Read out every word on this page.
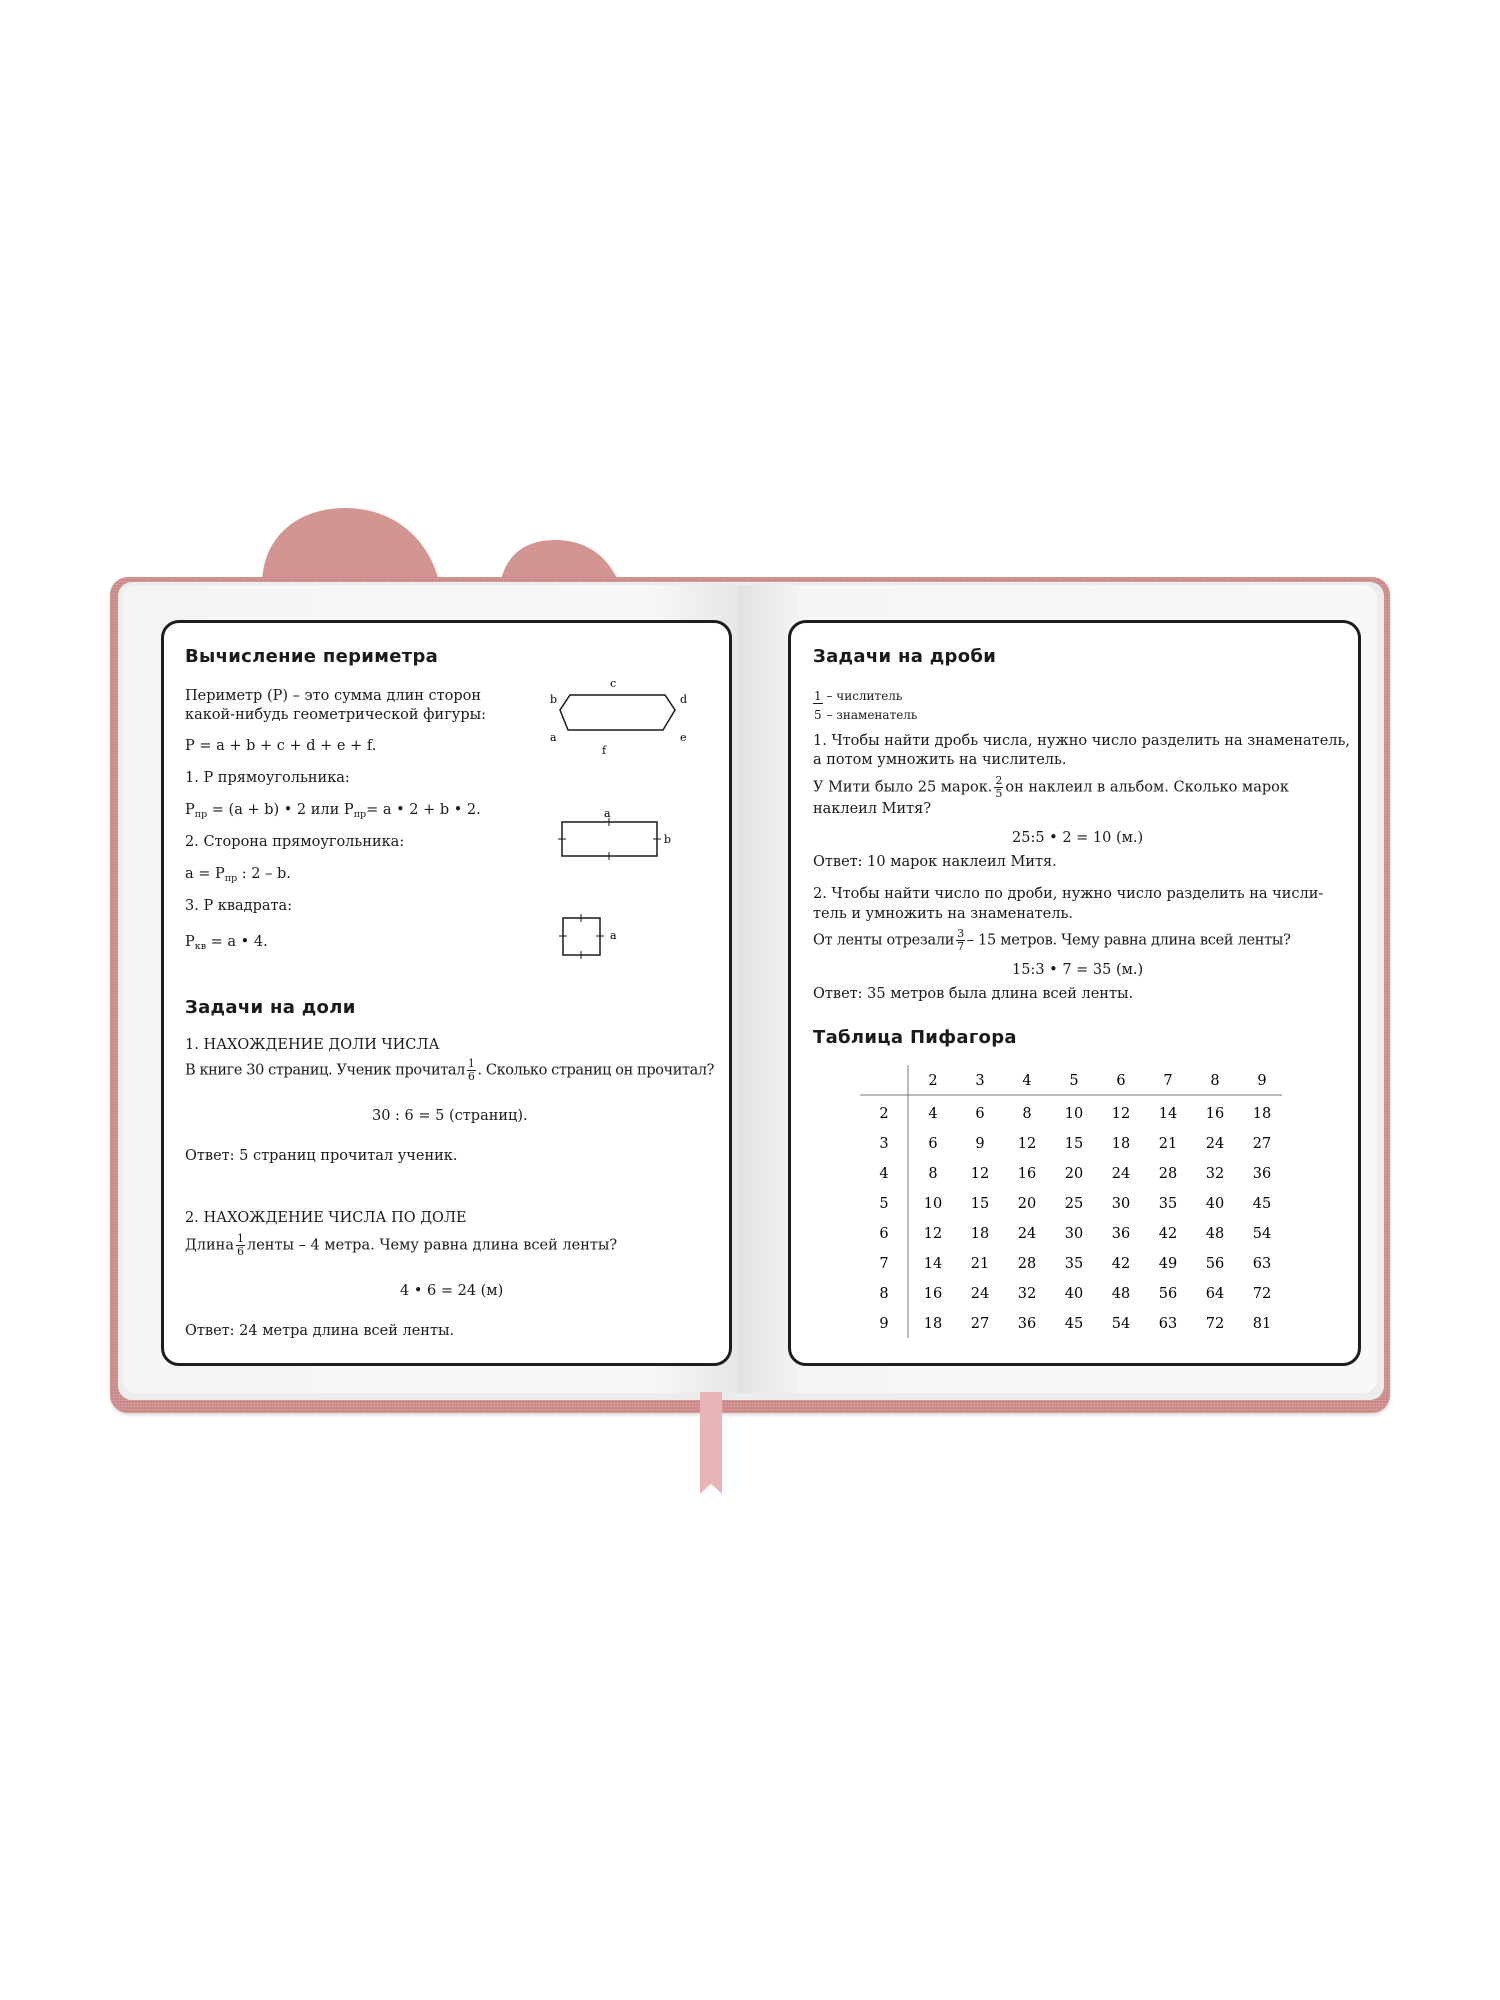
Вычисление периметра
Периметр (P) – это сумма длин сторон
какой-нибудь геометрической фигуры:
P = a + b + c + d + e + f.
1. P прямоугольника:
$P_{пр} = (a + b)$ • 2 или $P_{пр}= a$ • 2 + b • 2.
2. Сторона прямоугольника:
$a = P_{пр}$ : 2 – b.
3. P квадрата:
$P_{кв} = a$ • 4.
c
b	d
a	e
f
a
b
a
Задачи на доли
1. НАХОЖДЕНИЕ ДОЛИ ЧИСЛА
В книге 30 страниц. Ученик прочитал $\frac{1}{6}$ . Сколько страниц он прочитал?
30 : 6 = 5 (страниц).
Ответ: 5 страниц прочитал ученик.
2. НАХОЖДЕНИЕ ЧИСЛА ПО ДОЛЕ
Длина $\frac{1}{6}$ ленты – 4 метра. Чему равна длина всей ленты?
4 • 6 = 24 (м)
Ответ: 24 метра длина всей ленты.
Задачи на дроби
1 – числитель
5 – знаменатель
1. Чтобы найти дробь числа, нужно число разделить на знаменатель,
а потом умножить на числитель.
У Мити было 25 марок. $\frac{2}{5}$ он наклеил в альбом. Сколько марок
наклеил Митя?
25:5 • 2 = 10 (м.)
Ответ: 10 марок наклеил Митя.
2. Чтобы найти число по дроби, нужно число разделить на числи-
тель и умножить на знаменатель.
От ленты отрезали $\frac{3}{7} - 15$ метров. Чему равна длина всей ленты?
15:3 • 7 = 35 (м.)
Ответ: 35 метров была длина всей ленты.
Таблица Пифагора
2	3	4	5	6	7	8	9
2	4	6	8 10 12 14 16 18
3	6	9 12 15 18 21 24 27
4	8 12 16 20 24 28 32 36
5 10 15 20 25 30 35 40 45
6 12 18 24 30 36 42 48 54
7 14 21 28 35 42 49 56 63
8 16 24 32 40 48 56 64 72
9 18 27 36 45 54 63 72 81
